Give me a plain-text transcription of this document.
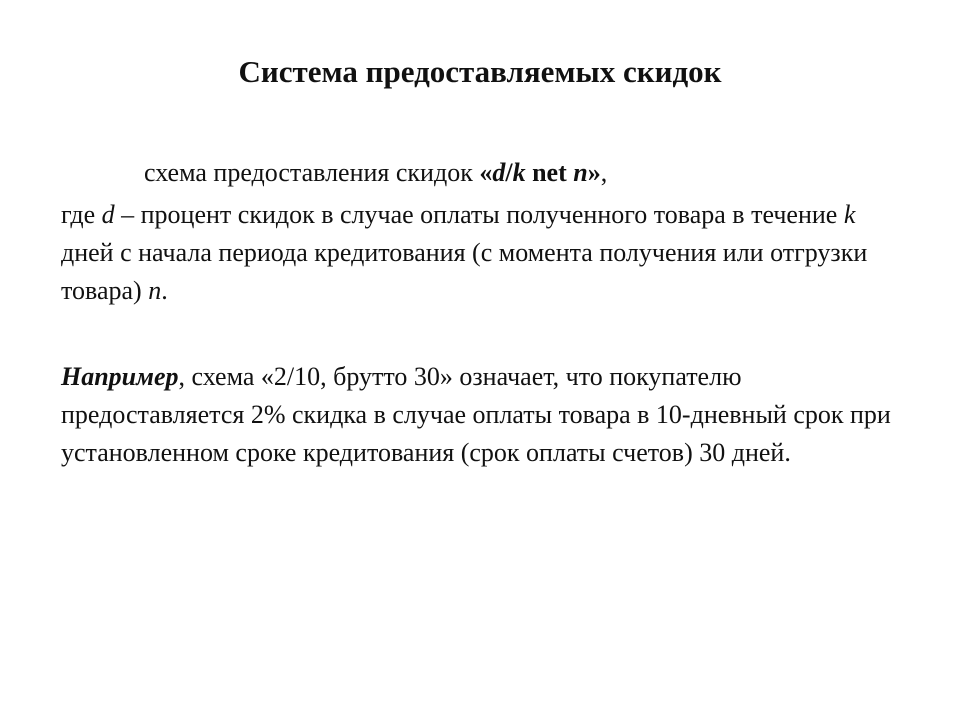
Система предоставляемых скидок
схема предоставления скидок «d/k net n»,
где d – процент скидок в случае оплаты полученного товара в течение k дней с начала периода кредитования (с момента получения или отгрузки товара) n.
Например, схема «2/10, брутто 30» означает, что покупателю предоставляется 2% скидка в случае оплаты товара в 10-дневный срок при установленном сроке кредитования (срок оплаты счетов) 30 дней.
